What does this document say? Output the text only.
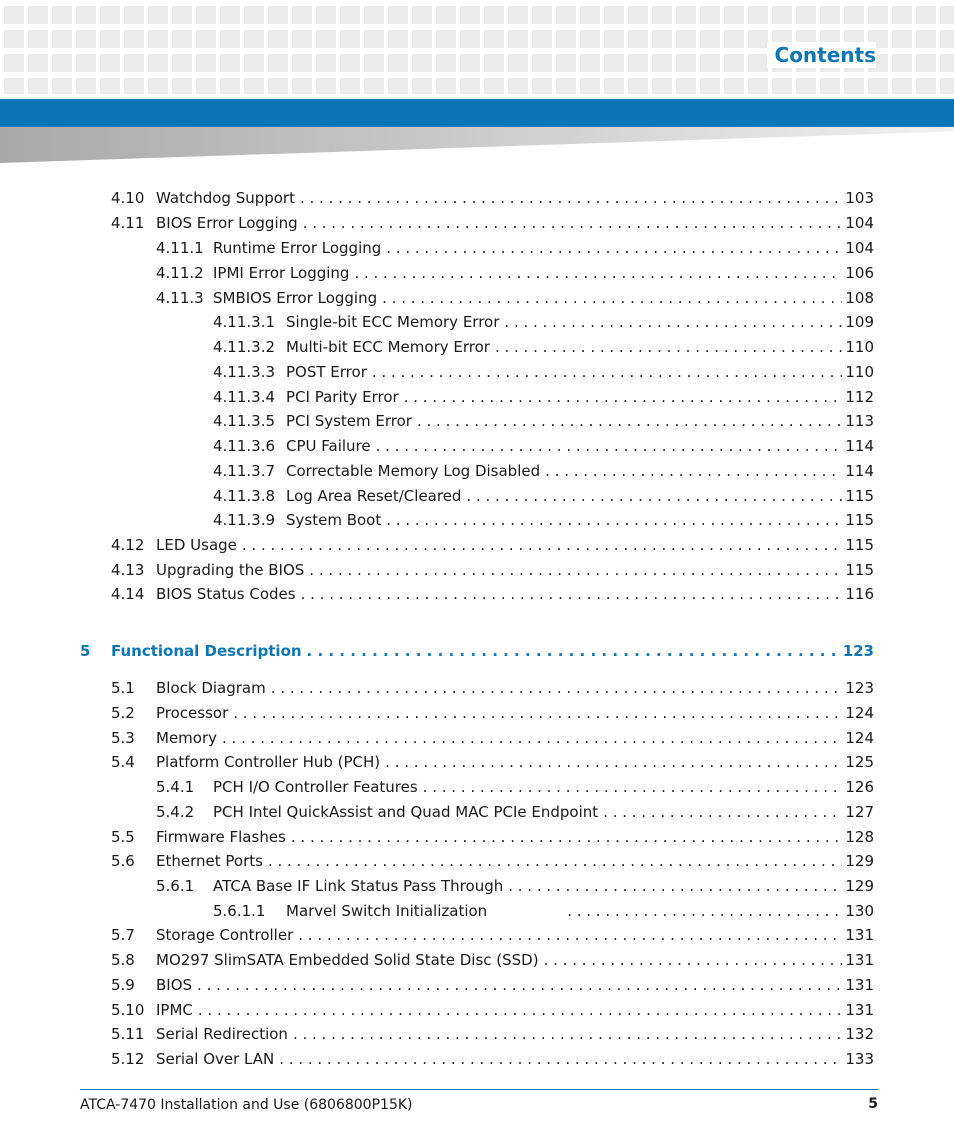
Contents
4.10 Watchdog Support . . .	103
4.11 BIOS Error Logging . . .	104
4.11.1 Runtime Error Logging . . .	104
4.11.2 IPMI Error Logging . . .	106
4.11.3 SMBIOS Error Logging . . .	108
4.11.3.1 Single-bit ECC Memory Error . . .	109
4.11.3.2 Multi-bit ECC Memory Error . . .	110
4.11.3.3 POST Error . . .	110
4.11.3.4 PCI Parity Error . . .	112
4.11.3.5 PCI System Error . . .	113
4.11.3.6 CPU Failure . . .	114
4.11.3.7 Correctable Memory Log Disabled . . .	114
4.11.3.8 Log Area Reset/Cleared . . .	115
4.11.3.9 System Boot . . .	115
4.12 LED Usage . . .	115
4.13 Upgrading the BIOS . . .	115
4.14 BIOS Status Codes . . .	116
5	Functional Description . . .	123
5.1	Block Diagram . . .	123
5.2	Processor . . .	124
5.3	Memory . . .	124
5.4	Platform Controller Hub (PCH) . . .	125
5.4.1	PCH I/O Controller Features . . .	126
5.4.2	PCH Intel QuickAssist and Quad MAC PCIe Endpoint . . .	127
5.5	Firmware Flashes . . .	128
5.6	Ethernet Ports . . .	129
5.6.1	ATCA Base IF Link Status Pass Through . . .	129
5.6.1.1	Marvel Switch Initialization . . .	130
5.7	Storage Controller . . .	131
5.8	MO297 SlimSATA Embedded Solid State Disc (SSD) . . .	131
5.9	BIOS . . .	131
5.10 IPMC . . .	131
5.11 Serial Redirection . . .	132
5.12 Serial Over LAN . . .	133
ATCA-7470 Installation and Use (6806800P15K)	5
